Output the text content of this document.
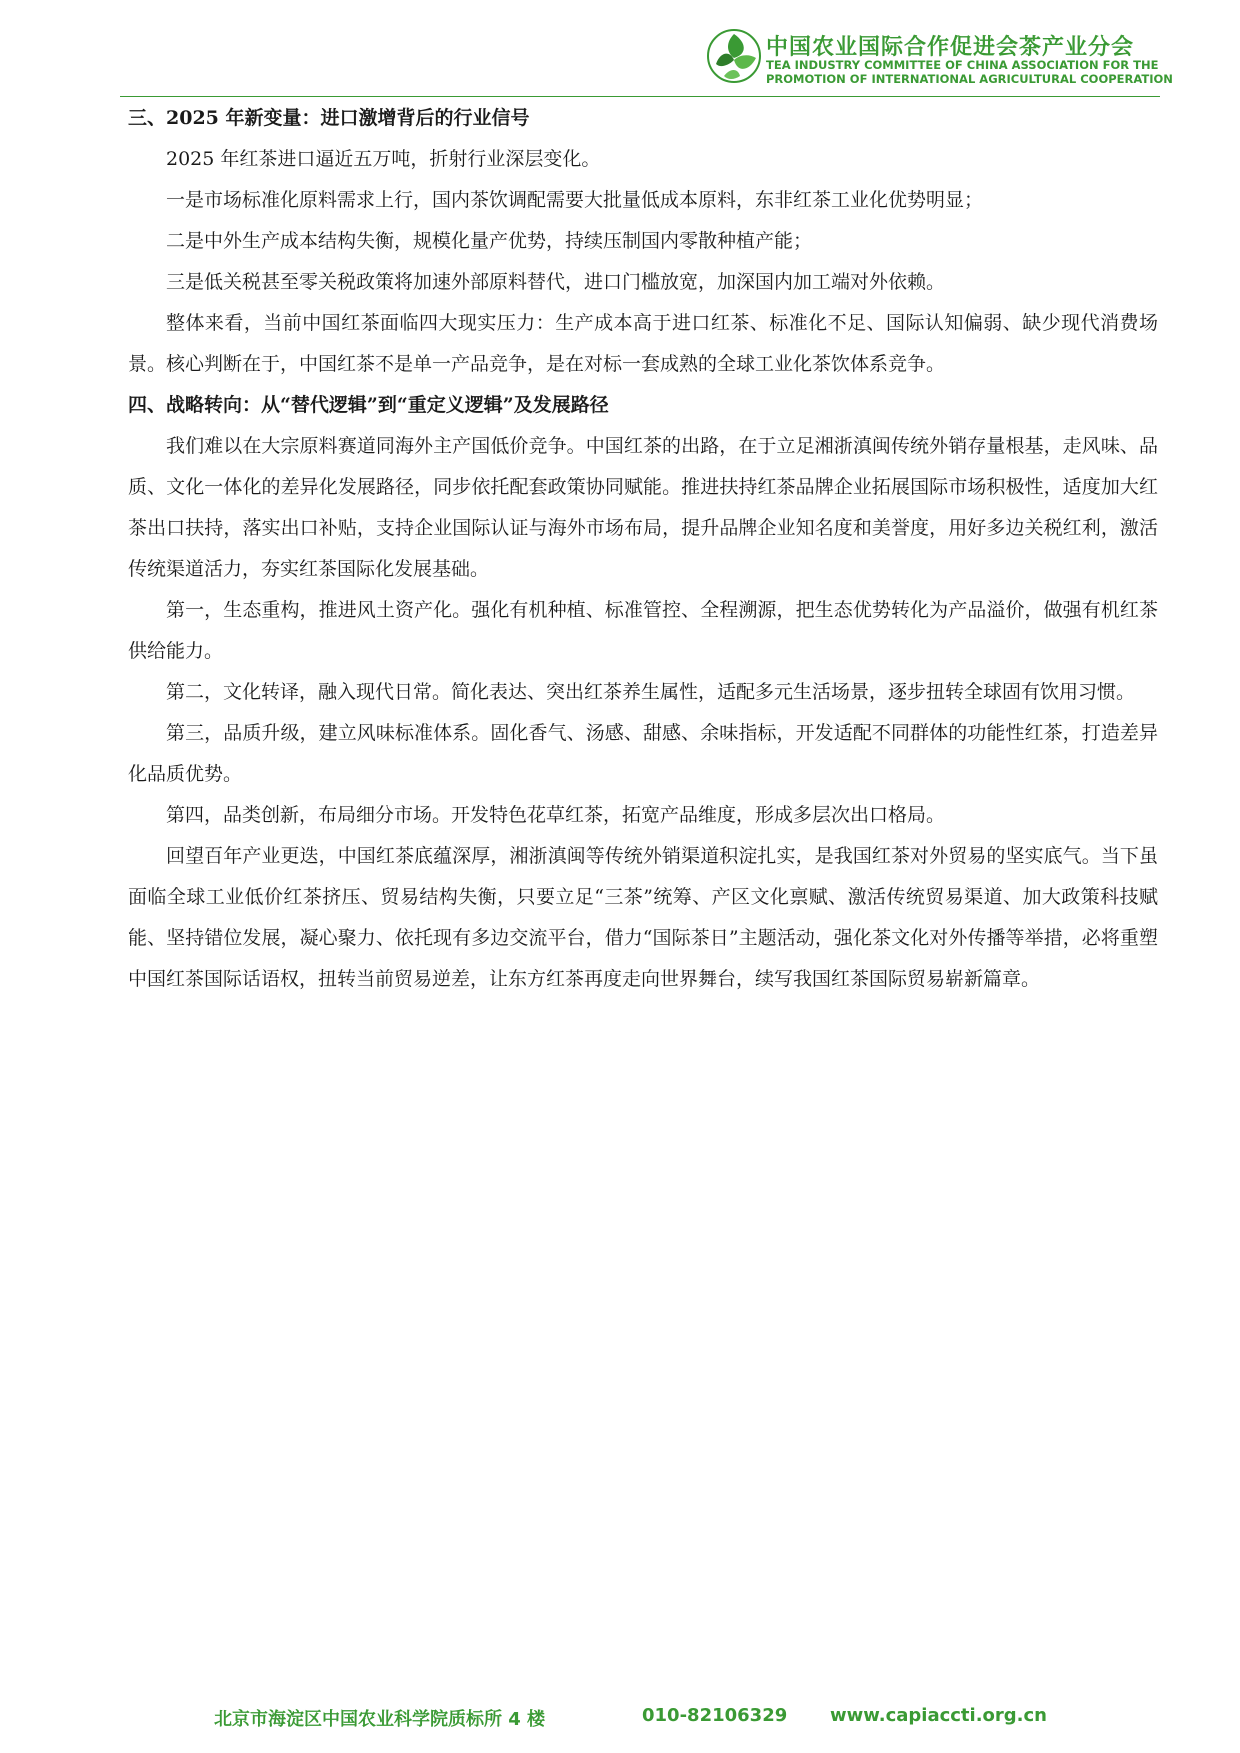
中国农业国际合作促进会茶产业分会
TEA INDUSTRY COMMITTEE OF CHINA ASSOCIATION FOR THE
PROMOTION OF INTERNATIONAL AGRICULTURAL COOPERATION

三、2025 年新变量：进口激增背后的行业信号

2025 年红茶进口逼近五万吨，折射行业深层变化。

一是市场标准化原料需求上行，国内茶饮调配需要大批量低成本原料，东非红茶工业化优势明显；

二是中外生产成本结构失衡，规模化量产优势，持续压制国内零散种植产能；

三是低关税甚至零关税政策将加速外部原料替代，进口门槛放宽，加深国内加工端对外依赖。

整体来看，当前中国红茶面临四大现实压力：生产成本高于进口红茶、标准化不足、国际认知偏弱、缺少现代消费场景。核心判断在于，中国红茶不是单一产品竞争，是在对标一套成熟的全球工业化茶饮体系竞争。

四、战略转向：从“替代逻辑”到“重定义逻辑”及发展路径

我们难以在大宗原料赛道同海外主产国低价竞争。中国红茶的出路，在于立足湘浙滇闽传统外销存量根基，走风味、品质、文化一体化的差异化发展路径，同步依托配套政策协同赋能。推进扶持红茶品牌企业拓展国际市场积极性，适度加大红茶出口扶持，落实出口补贴，支持企业国际认证与海外市场布局，提升品牌企业知名度和美誉度，用好多边关税红利，激活传统渠道活力，夯实红茶国际化发展基础。

第一，生态重构，推进风土资产化。强化有机种植、标准管控、全程溯源，把生态优势转化为产品溢价，做强有机红茶供给能力。

第二，文化转译，融入现代日常。简化表达、突出红茶养生属性，适配多元生活场景，逐步扭转全球固有饮用习惯。

第三，品质升级，建立风味标准体系。固化香气、汤感、甜感、余味指标，开发适配不同群体的功能性红茶，打造差异化品质优势。

第四，品类创新，布局细分市场。开发特色花草红茶，拓宽产品维度，形成多层次出口格局。

回望百年产业更迭，中国红茶底蕴深厚，湘浙滇闽等传统外销渠道积淀扎实，是我国红茶对外贸易的坚实底气。当下虽面临全球工业低价红茶挤压、贸易结构失衡，只要立足“三茶”统筹、产区文化禀赋、激活传统贸易渠道、加大政策科技赋能、坚持错位发展，凝心聚力、依托现有多边交流平台，借力“国际茶日”主题活动，强化茶文化对外传播等举措，必将重塑中国红茶国际话语权，扭转当前贸易逆差，让东方红茶再度走向世界舞台，续写我国红茶国际贸易崭新篇章。

北京市海淀区中国农业科学院质标所 4 楼	010-82106329 www.capiaccti.org.cn
